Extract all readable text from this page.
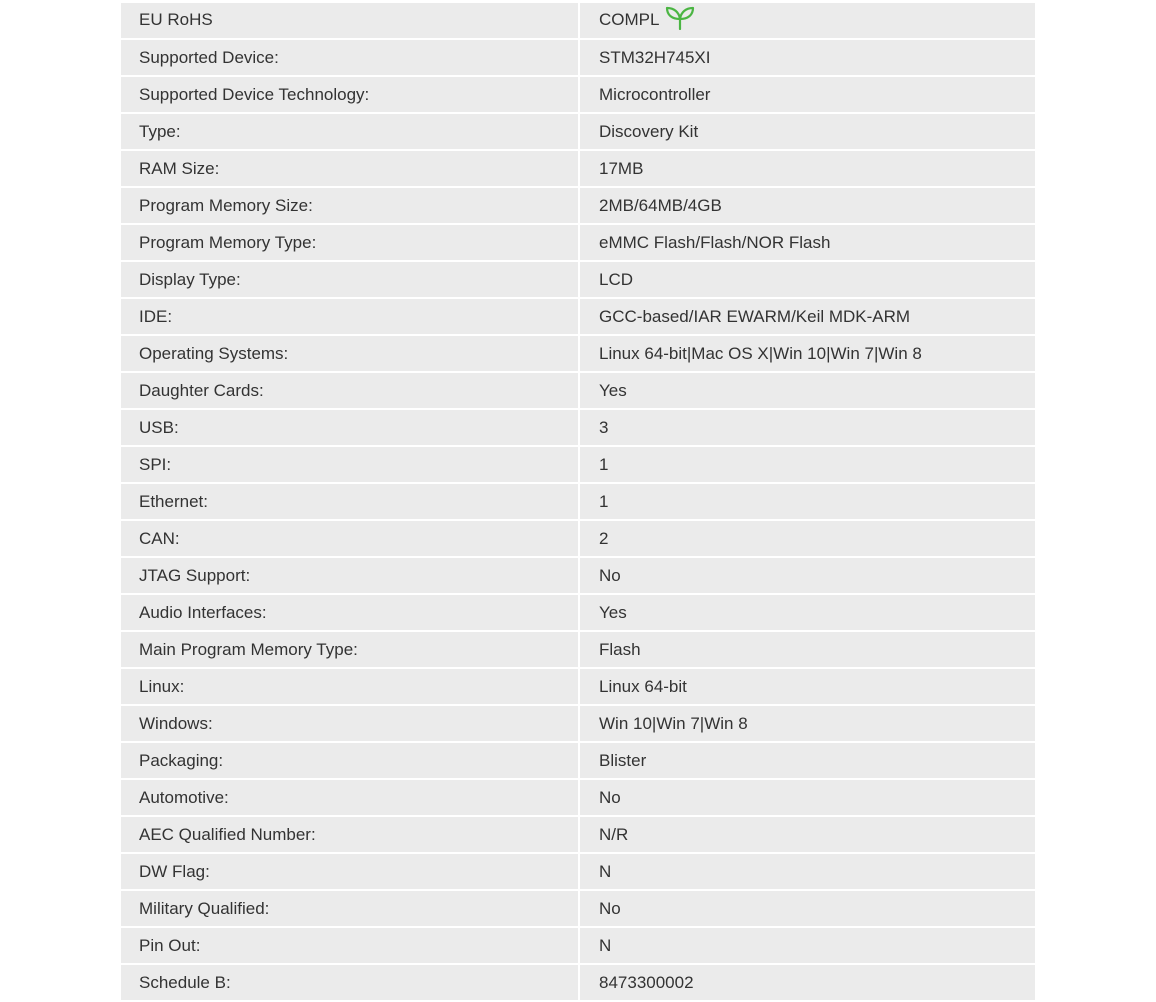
EU RoHS	COMPL
Supported Device:	STM32H745XI
Supported Device Technology:	Microcontroller
Type:	Discovery Kit
RAM Size:	17MB
Program Memory Size:	2MB/64MB/4GB
Program Memory Type:	eMMC Flash/Flash/NOR Flash
Display Type:	LCD
IDE:	GCC-based/IAR EWARM/Keil MDK-ARM
Operating Systems:	Linux 64-bit|Mac OS X|Win 10|Win 7|Win 8
Daughter Cards:	Yes
USB:	3
SPI:	1
Ethernet:	1
CAN:	2
JTAG Support:	No
Audio Interfaces:	Yes
Main Program Memory Type:	Flash
Linux:	Linux 64-bit
Windows:	Win 10|Win 7|Win 8
Packaging:	Blister
Automotive:	No
AEC Qualified Number:	N/R
DW Flag:	N
Military Qualified:	No
Pin Out:	N
Schedule B:	8473300002
